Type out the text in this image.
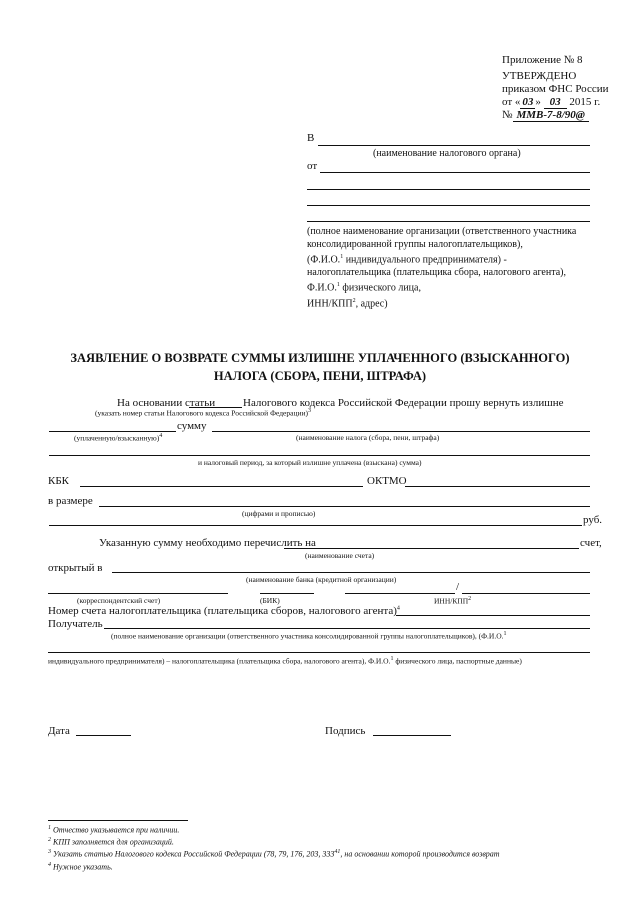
Приложение № 8
УТВЕРЖДЕНО
приказом ФНС России
от « 03 » 03 2015 г.
№ ММВ-7-8/90@
В
(наименование налогового органа)
от
(полное наименование организации (ответственного участника
консолидированной группы налогоплательщиков),
(Ф.И.О.$^1$ индивидуального предпринимателя) -
налогоплательщика (плательщика сбора, налогового агента),
Ф.И.О.$^1$ физического лица,
ИНН/КПП$^2$, адрес)
ЗАЯВЛЕНИЕ О ВОЗВРАТЕ СУММЫ ИЗЛИШНЕ УПЛАЧЕННОГО (ВЗЫСКАННОГО)
НАЛОГА (СБОРА, ПЕНИ, ШТРАФА)
На основании статьи	Налогового кодекса Российской Федерации прошу вернуть излишне
(указать номер статьи Налогового кодекса Российской Федерации)$^3$
сумму
(уплаченную/взысканную)$^4$	(наименование налога (сбора, пени, штрафа)
и налоговый период, за который излишне уплачена (взыскана) сумма)
КБК	ОКТМО
в размере
(цифрами и прописью)
руб.
Указанную сумму необходимо перечислить на	счет,
(наименование счета)
открытый в
(наименование банка (кредитной организации)
/
(корреспондентский счет)	(БИК)	ИНН/КПП$^2$
Номер счета налогоплательщика (плательщика сборов, налогового агента)$^4$
Получатель
(полное наименование организации (ответственного участника консолидированной группы налогоплательщиков), (Ф.И.О.$^1$
индивидуального предпринимателя) – налогоплательщика (плательщика сбора, налогового агента), Ф.И.О.$^1$ физического лица, паспортные данные)
Дата	Подпись
$^1$ Отчество указывается при наличии.
$^2$ КПП заполняется для организаций.
$^3$ Указать статью Налогового кодекса Российской Федерации (78, 79, 176, 203, $333^{41}$, на основании которой производится возврат
$^4$ Нужное указать.
